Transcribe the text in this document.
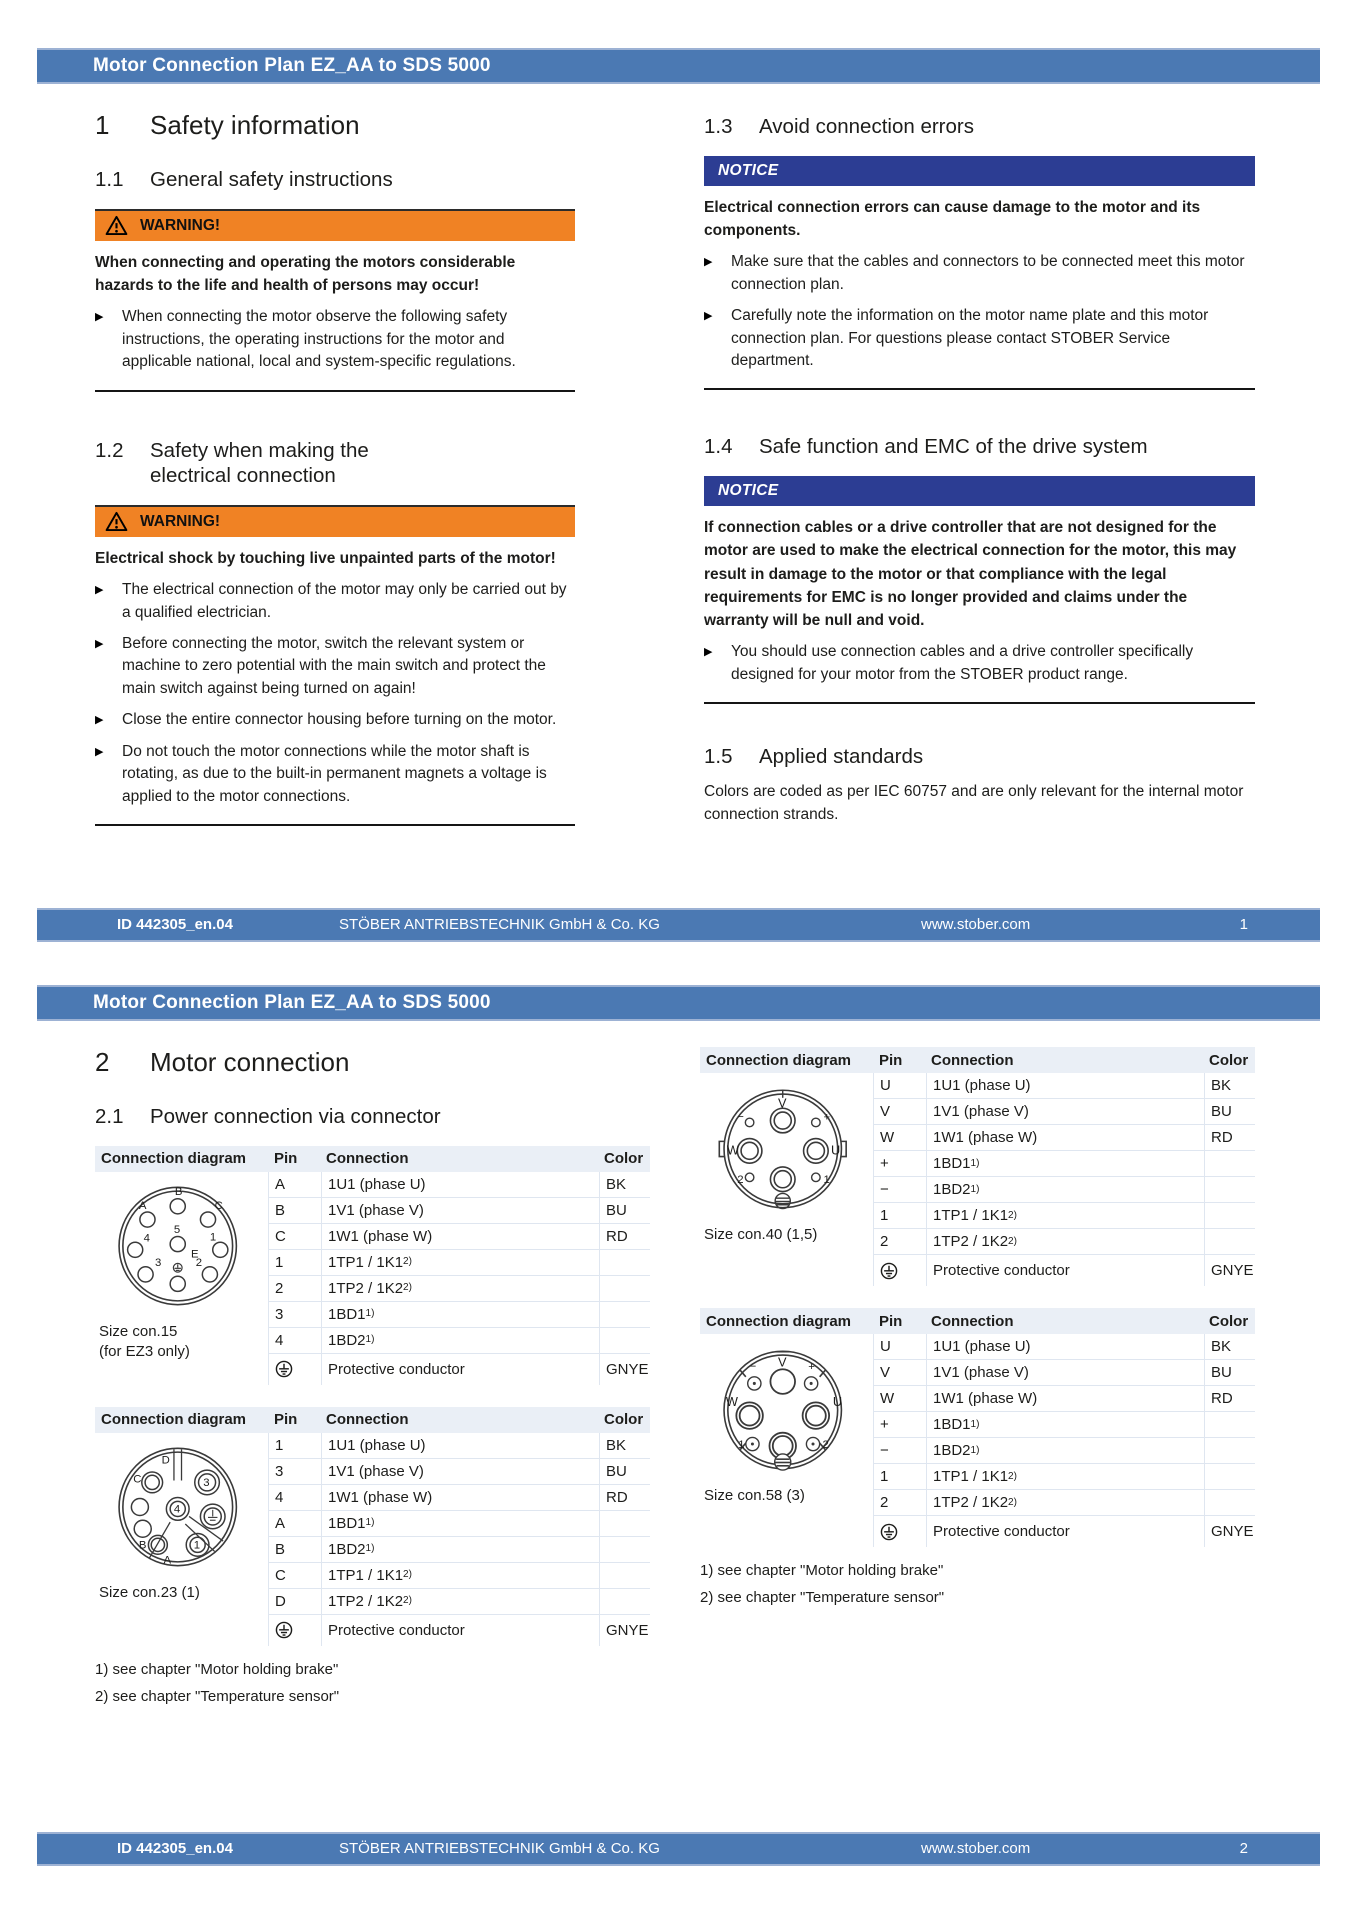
Motor Connection Plan EZ_AA to SDS 5000
1	Safety information
1.1	General safety instructions
WARNING!
When connecting and operating the motors considerable hazards to the life and health of persons may occur!
▶ When connecting the motor observe the following safety instructions, the operating instructions for the motor and applicable national, local and system-specific regulations.
1.2	Safety when making the electrical connection
WARNING!
Electrical shock by touching live unpainted parts of the motor!
▶ The electrical connection of the motor may only be carried out by a qualified electrician.
▶ Before connecting the motor, switch the relevant system or machine to zero potential with the main switch and protect the main switch against being turned on again!
▶ Close the entire connector housing before turning on the motor.
▶ Do not touch the motor connections while the motor shaft is rotating, as due to the built-in permanent magnets a voltage is applied to the motor connections.
1.3	Avoid connection errors
NOTICE
Electrical connection errors can cause damage to the motor and its components.
▶ Make sure that the cables and connectors to be connected meet this motor connection plan.
▶ Carefully note the information on the motor name plate and this motor connection plan. For questions please contact STOBER Service department.
1.4	Safe function and EMC of the drive system
NOTICE
If connection cables or a drive controller that are not designed for the motor are used to make the electrical connection for the motor, this may result in damage to the motor or that compliance with the legal requirements for EMC is no longer provided and claims under the warranty will be null and void.
▶ You should use connection cables and a drive controller specifically designed for your motor from the STOBER product range.
1.5	Applied standards
Colors are coded as per IEC 60757 and are only relevant for the internal motor connection strands.
ID 442305_en.04	STÖBER ANTRIEBSTECHNIK GmbH & Co. KG	www.stober.com	1
Motor Connection Plan EZ_AA to SDS 5000
2	Motor connection
2.1	Power connection via connector
Connection diagram	Pin	Connection	Color
B
A	C
5
E
4	1
3	2
Size con.15
(for EZ3 only)
A	1U1 (phase U)	BK
B	1V1 (phase V)	BU
C	1W1 (phase W)	RD
1	1TP1 / 1K1 2)
2	1TP2 / 1K2 2)
3	1BD1 1)
4	1BD2 1)
Protective conductor	GNYE
Connection diagram	Pin	Connection	Color
D
C
4
3
1
B
A
Size con.23 (1)
1	1U1 (phase U)	BK
3	1V1 (phase V)	BU
4	1W1 (phase W)	RD
A	1BD1 1)
B	1BD2 1)
C	1TP1 / 1K1 2)
D	1TP2 / 1K2 2)
Protective conductor	GNYE
1) see chapter "Motor holding brake"
2) see chapter "Temperature sensor"
Connection diagram	Pin	Connection	Color
V
−	+
W	U
2	1
Size con.40 (1,5)
U	1U1 (phase U)	BK
V	1V1 (phase V)	BU
W	1W1 (phase W)	RD
+	1BD1 1)
−	1BD2 1)
1	1TP1 / 1K1 2)
2	1TP2 / 1K2 2)
Protective conductor	GNYE
Connection diagram	Pin	Connection	Color
V
−	+
W	U
1	2
Size con.58 (3)
U	1U1 (phase U)	BK
V	1V1 (phase V)	BU
W	1W1 (phase W)	RD
+	1BD1 1)
−	1BD2 1)
1	1TP1 / 1K1 2)
2	1TP2 / 1K2 2)
Protective conductor	GNYE
1) see chapter "Motor holding brake"
2) see chapter "Temperature sensor"
ID 442305_en.04	STÖBER ANTRIEBSTECHNIK GmbH & Co. KG	www.stober.com	2
